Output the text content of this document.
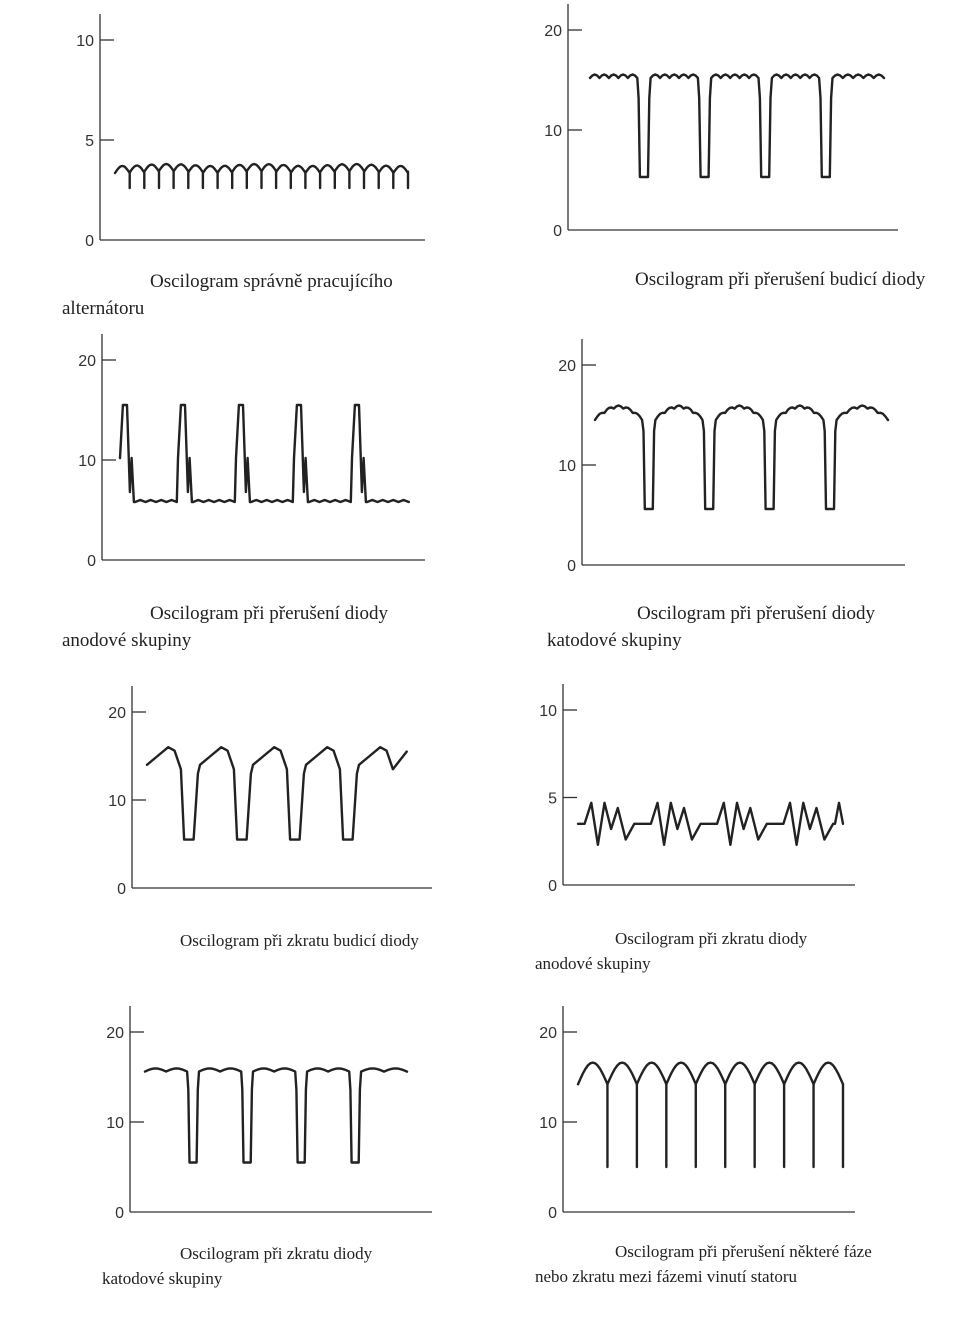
0
5
10
Oscilogram správně pracujícího
alternátoru
0
10
20
Oscilogram při přerušení budicí diody
0
10
20
Oscilogram při přerušení diody
anodové skupiny
0
10
20
Oscilogram při přerušení diody
katodové skupiny
0
10
20
Oscilogram při zkratu budicí diody
0
5
10
Oscilogram při zkratu diody
anodové skupiny
0
10
20
Oscilogram při zkratu diody
katodové skupiny
0
10
20
Oscilogram při přerušení některé fáze
nebo zkratu mezi fázemi vinutí statoru
